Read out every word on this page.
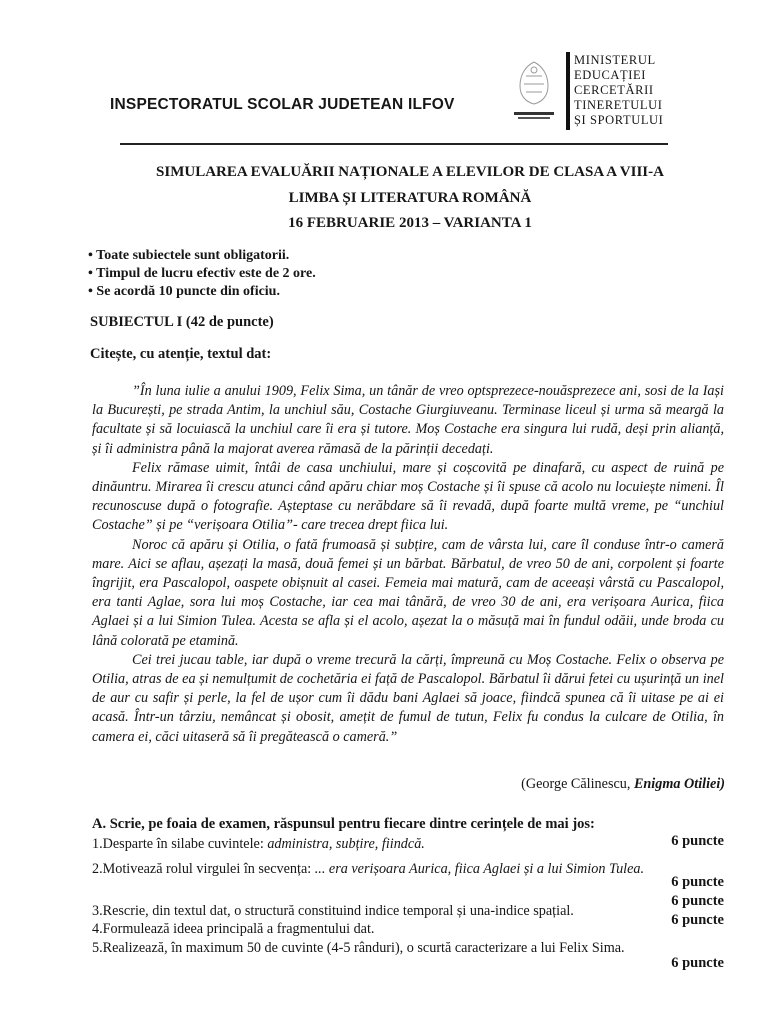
INSPECTORATUL SCOLAR JUDETEAN ILFOV
MINISTERUL
EDUCAȚIEI
CERCETĂRII
TINERETULUI
ȘI SPORTULUI
SIMULAREA EVALUĂRII NAȚIONALE A ELEVILOR DE CLASA A VIII-A
LIMBA ȘI LITERATURA ROMÂNĂ
16 FEBRUARIE 2013 – VARIANTA 1
• Toate subiectele sunt obligatorii.
• Timpul de lucru efectiv este de 2 ore.
• Se acordă 10 puncte din oficiu.
SUBIECTUL I (42 de puncte)
Citește, cu atenție, textul dat:

”În luna iulie a anului 1909, Felix Sima, un tânăr de vreo optsprezece-nouăsprezece ani, sosi de la Iași la București, pe strada Antim, la unchiul său, Costache Giurgiuveanu. Terminase liceul și urma să meargă la facultate și să locuiască la unchiul care îi era și tutore. Moș Costache era singura lui rudă, deși prin alianță, și îi administra până la majorat averea rămasă de la părinții decedați.

Felix rămase uimit, întâi de casa unchiului, mare și coșcovită pe dinafară, cu aspect de ruină pe dinăuntru. Mirarea îi crescu atunci când apăru chiar moș Costache și îi spuse că acolo nu locuiește nimeni. Îl recunoscuse după o fotografie. Așteptase cu nerăbdare să îi revadă, după foarte multă vreme, pe “unchiul Costache” și pe “verișoara Otilia”- care trecea drept fiica lui.

Noroc că apăru și Otilia, o fată frumoasă și subțire, cam de vârsta lui, care îl conduse într-o cameră mare. Aici se aflau, așezați la masă, două femei și un bărbat. Bărbatul, de vreo 50 de ani, corpolent și foarte îngrijit, era Pascalopol, oaspete obișnuit al casei. Femeia mai matură, cam de aceeași vârstă cu Pascalopol, era tanti Aglae, sora lui moș Costache, iar cea mai tânără, de vreo 30 de ani, era verișoara Aurica, fiica Aglaei și a lui Simion Tulea. Acesta se afla și el acolo, așezat la o măsuță mai în fundul odăii, unde broda cu lână colorată pe etamină.

Cei trei jucau table, iar după o vreme trecură la cărți, împreună cu Moș Costache. Felix o observa pe Otilia, atras de ea și nemulțumit de cochetăria ei față de Pascalopol. Bărbatul îi dărui fetei cu ușurință un inel de aur cu safir și perle, la fel de ușor cum îi dădu bani Aglaei să joace, fiindcă spunea că îi uitase pe ai ei acasă. Într-un târziu, nemâncat și obosit, amețit de fumul de tutun, Felix fu condus la culcare de Otilia, în camera ei, căci uitaseră să îi pregătească o cameră.”

(George Călinescu, Enigma Otiliei)
A. Scrie, pe foaia de examen, răspunsul pentru fiecare dintre cerințele de mai jos:
1.Desparte în silabe cuvintele: administra, subțire, fiindcă.	6 puncte
2.Motivează rolul virgulei în secvența: ... era verișoara Aurica, fiica Aglaei și a lui Simion Tulea.
6 puncte
3.Rescrie, din textul dat, o structură constituind indice temporal și una-indice spațial.
6 puncte
4.Formulează ideea principală a fragmentului dat.
6 puncte
5.Realizează, în maximum 50 de cuvinte (4-5 rânduri), o scurtă caracterizare a lui Felix Sima.
6 puncte
